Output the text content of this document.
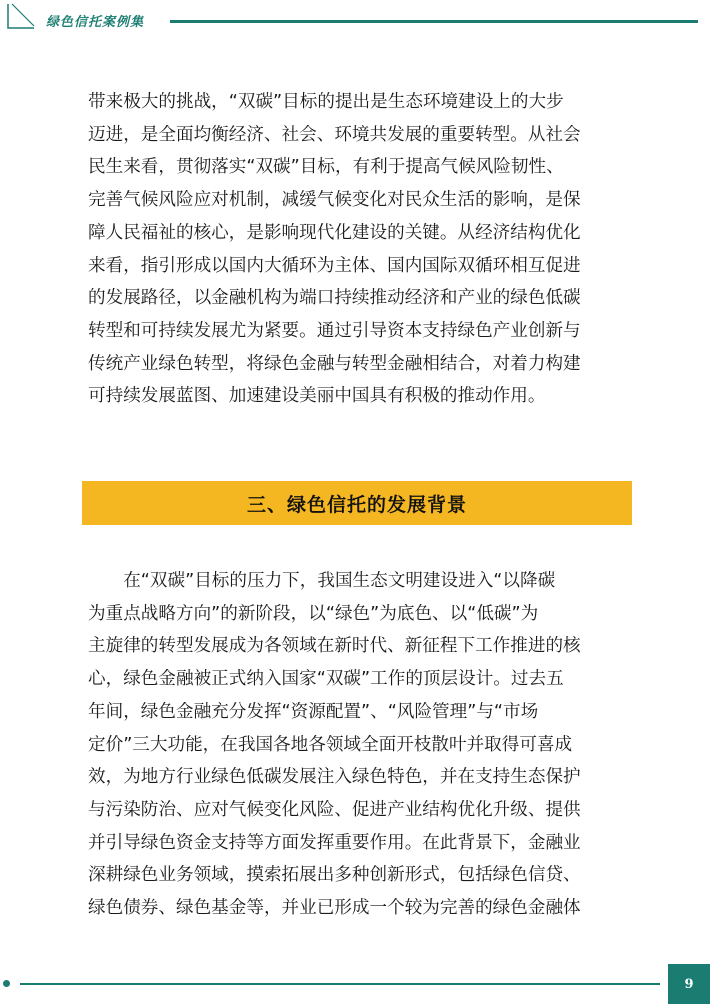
绿色信托案例集
带来极大的挑战，“双碳”目标的提出是生态环境建设上的大步
迈进，是全面均衡经济、社会、环境共发展的重要转型。从社会
民生来看，贯彻落实“双碳”目标，有利于提高气候风险韧性、
完善气候风险应对机制，减缓气候变化对民众生活的影响，是保
障人民福祉的核心，是影响现代化建设的关键。从经济结构优化
来看，指引形成以国内大循环为主体、国内国际双循环相互促进
的发展路径，以金融机构为端口持续推动经济和产业的绿色低碳
转型和可持续发展尤为紧要。通过引导资本支持绿色产业创新与
传统产业绿色转型，将绿色金融与转型金融相结合，对着力构建
可持续发展蓝图、加速建设美丽中国具有积极的推动作用。
三、绿色信托的发展背景
　　在“双碳”目标的压力下，我国生态文明建设进入“以降碳
为重点战略方向”的新阶段，以“绿色”为底色、以“低碳”为
主旋律的转型发展成为各领域在新时代、新征程下工作推进的核
心，绿色金融被正式纳入国家“双碳”工作的顶层设计。过去五
年间，绿色金融充分发挥“资源配置”、“风险管理”与“市场
定价”三大功能，在我国各地各领域全面开枝散叶并取得可喜成
效，为地方行业绿色低碳发展注入绿色特色，并在支持生态保护
与污染防治、应对气候变化风险、促进产业结构优化升级、提供
并引导绿色资金支持等方面发挥重要作用。在此背景下，金融业
深耕绿色业务领域，摸索拓展出多种创新形式，包括绿色信贷、
绿色债券、绿色基金等，并业已形成一个较为完善的绿色金融体
9
